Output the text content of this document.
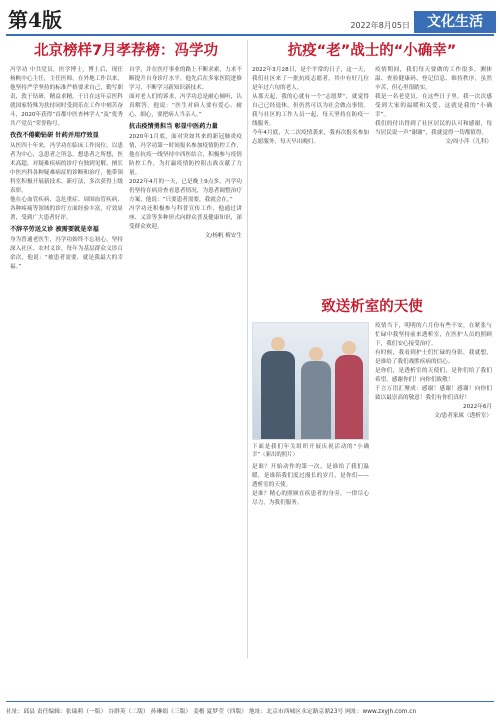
第4版	2022年8月05日	文化生活
北京榜样7月孝荐榜：冯学功

冯学功 中共党员，医学博士，博士后，现任杨帆中心主任，主任医师。在外地工作以来，他坚持严学坚持的标准严格要求自己，勤写职责，敦于钻研，精益求精，于日在这年京医科就国家特殊为扶持同时受到乐在工作中刻苦奋斗，2020年获得“首都中医杏林学人”及“优秀共产党员”荣誉称号。

孜孜不倦勤钻研 针药并用疗效显

从医四十年来，冯学功在临床工作岗位，以患者为中心，急患者之所急，想患者之所想，医术高超，对疑难疾病的诊疗有独到见解，擅长中医内科各种疑难病症的诊断和治疗，他带领科室积极开展新技术、新疗法，多次获得上级表彰。

他在心血管疾病、急危重症、周围血管疾病、各种疼痛等领域的诊疗方面经验丰富，疗效显著，受到广大患者好评。

不辞辛劳送义诊 被需要就是幸福

身为普通老医生，冯学功始终不忘初心，坚持深入社区、农村义诊，每年为基层群众义诊百余次，他说：“被患者需要，就是我最大的幸福。”

自学，并在医疗事业的路上不断求索，力求不断提升自身诊疗水平。他先后在多家医院进修学习，不断学习新知识新技术。

面对老人们的诉求，冯学功总是耐心倾听，认真解答。他说：“医生对病人要有爱心、耐心、细心，要把病人当亲人。”

抗击疫情勇担当 彰显中医药力量

2020年1月底，面对突如其来的新冠肺炎疫情，冯学功第一时间报名参加疫情防控工作，他在抗疫一线坚持中西医结合，积极参与疫情防控工作，为打赢疫情防控阻击战贡献了力量。

2022年4月的一天，已是晚上9点多，冯学功仍坚持在病房查看患者情况，为患者调整治疗方案，他说：“只要患者需要，我就会在。”

冯学功还积极参与科普宣传工作，他通过讲座、义诊等多种形式向群众普及健康知识，深受群众欢迎。

文/杨帆 梅安生
抗疫“老”战士的“小确幸”

2022年3月28日，是个平常的日子，这一天，我们社区来了一批抗疫志愿者，其中有好几位是年过六旬的老人。

从那天起，我的心就有一个“志愿梦”，就觉得自己已经退休，但仍然可以为社会做点事情。我与社区的工作人员一起，每天坚持在防疫一线服务。

今年4月底，大二次疫情袭来，我再次报名参加志愿服务，每天早出晚归。

疫情期间，我们每天要做的工作很多，测体温、查验健康码、登记信息、维持秩序，虽然辛苦，但心里很踏实。

我是一名老党员，在这些日子里，我一次次感受到大家的温暖和关爱，这就是我的“小确幸”。

我们的付出得到了社区居民的认可和感谢，每当居民说一声“谢谢”，我就觉得一切都值得。

文/周小萍（儿科）
致送析室的天使
下面是我们年关组织开展庆祝活动的“小确幸”（新出的照片）

是谁？开始动作的第一次，是谁给了我们温暖，是谁陪我们度过漫长的岁月，是你们——透析室的天使。

是谁？精心的照顾在疾患者的身旁，一律尽心尽力，为我们服务。

疫情当下，明明的六月份有些不安，在紧张与忙碌中我坚持前来透析室，在医护人员的照顾下，我们安心接受治疗。

有时候，我看到护士们忙碌的身影，我就想，是谁给了我们战胜疾病的信心。

是你们，是透析室的天使们，是你们给了我们希望。感谢你们！向你们致敬！

千言万语汇聚成：感谢！感谢！感谢！向你们致以最崇高的敬意！我们有你们真好！

2022年6月
文/患者家属（透析室）
社址：邱县 责任编辑：张瑞莉（一版） 谷群英（二版） 孙琳娟（三版） 姜楷 夏梦莹（四版） 地址：北京市西城区永定路京鼎23号 网址：www.zxyjh.com.cn
